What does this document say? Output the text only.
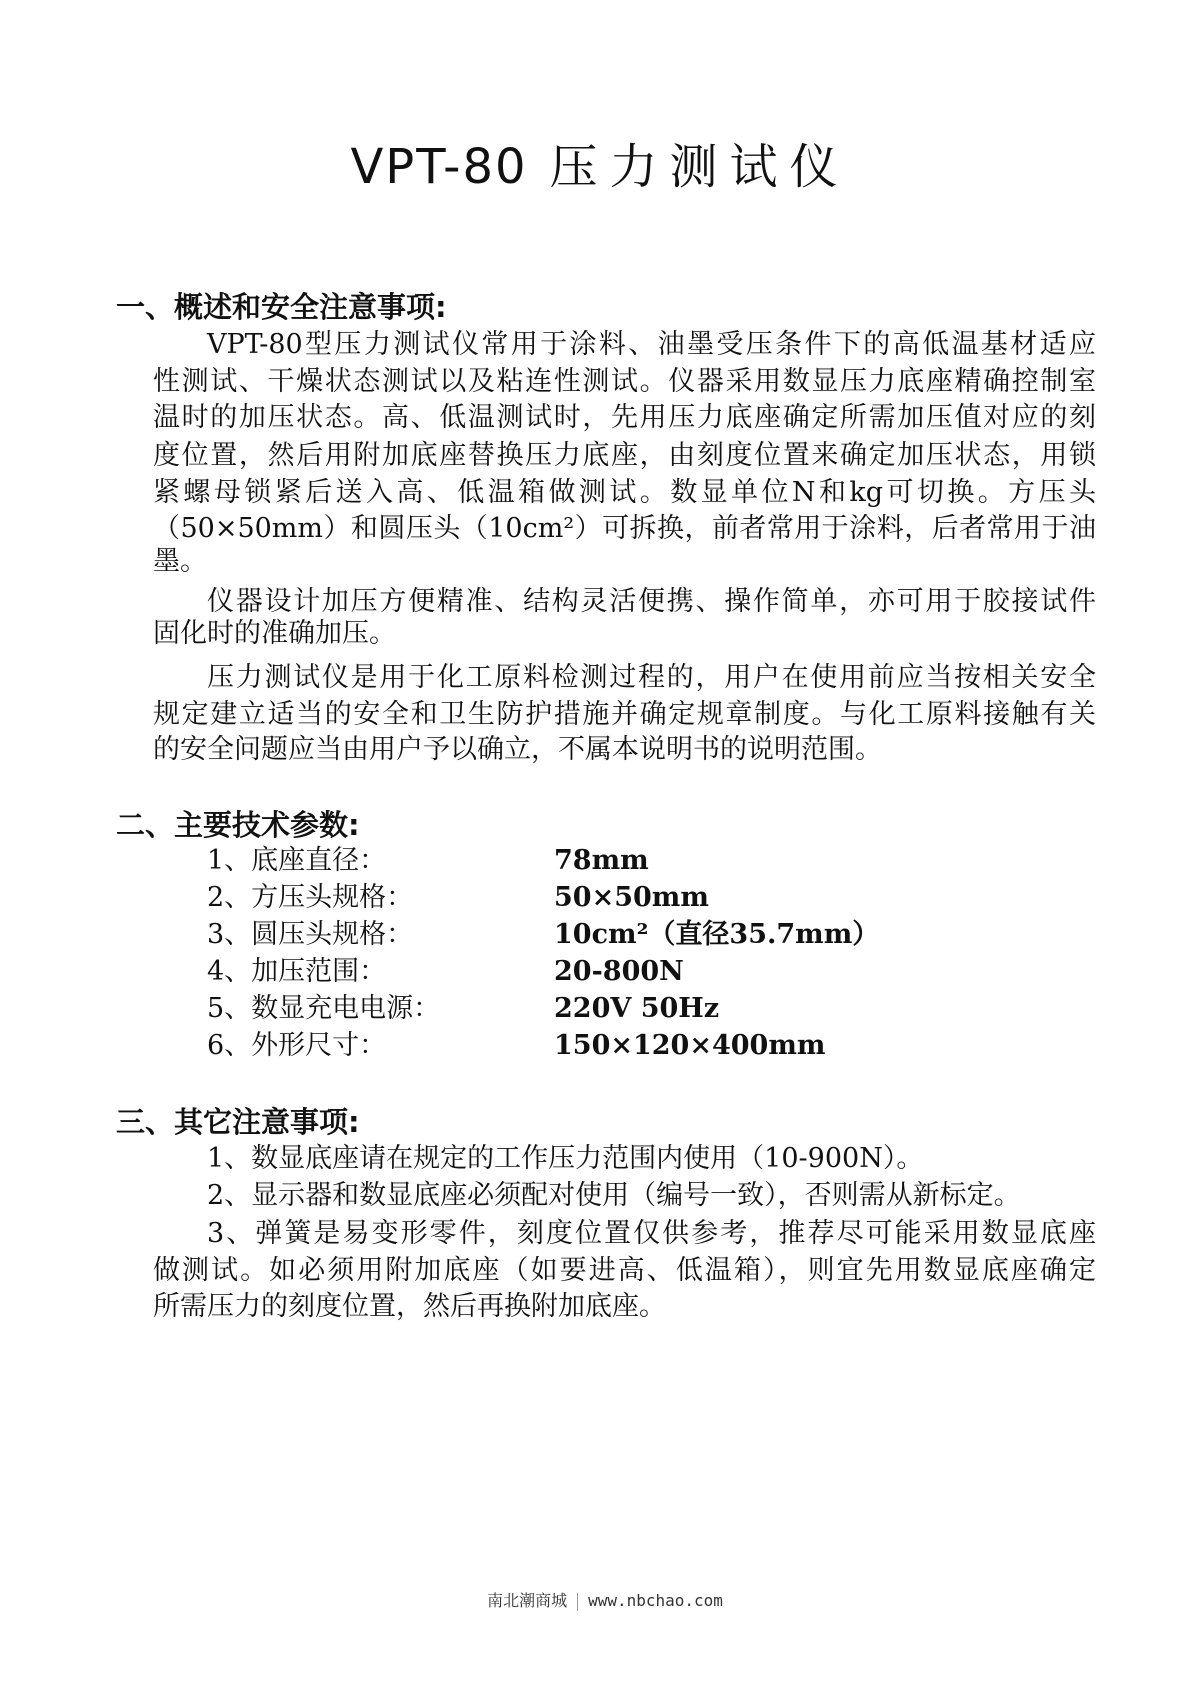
VPT-80 压力测试仪
一、概述和安全注意事项:
VPT-80型压力测试仪常用于涂料、油墨受压条件下的高低温基材适应
性测试、干燥状态测试以及粘连性测试。仪器采用数显压力底座精确控制室
温时的加压状态。高、低温测试时，先用压力底座确定所需加压值对应的刻
度位置，然后用附加底座替换压力底座，由刻度位置来确定加压状态，用锁
紧螺母锁紧后送入高、低温箱做测试。数显单位N和kg可切换。方压头
（50×50mm）和圆压头（10cm²）可拆换，前者常用于涂料，后者常用于油
墨。
仪器设计加压方便精准、结构灵活便携、操作简单，亦可用于胶接试件
固化时的准确加压。
压力测试仪是用于化工原料检测过程的，用户在使用前应当按相关安全
规定建立适当的安全和卫生防护措施并确定规章制度。与化工原料接触有关
的安全问题应当由用户予以确立，不属本说明书的说明范围。
二、主要技术参数:
1、底座直径：	78mm
2、方压头规格：	50×50mm
3、圆压头规格：	10cm²（直径35.7mm）
4、加压范围：	20-800N
5、数显充电电源：	220V 50Hz
6、外形尺寸：	150×120×400mm
三、其它注意事项:
1、数显底座请在规定的工作压力范围内使用（10-900N）。
2、显示器和数显底座必须配对使用（编号一致），否则需从新标定。
3、弹簧是易变形零件，刻度位置仅供参考，推荐尽可能采用数显底座
做测试。如必须用附加底座（如要进高、低温箱），则宜先用数显底座确定
所需压力的刻度位置，然后再换附加底座。
南北潮商城 www.nbchao.com
